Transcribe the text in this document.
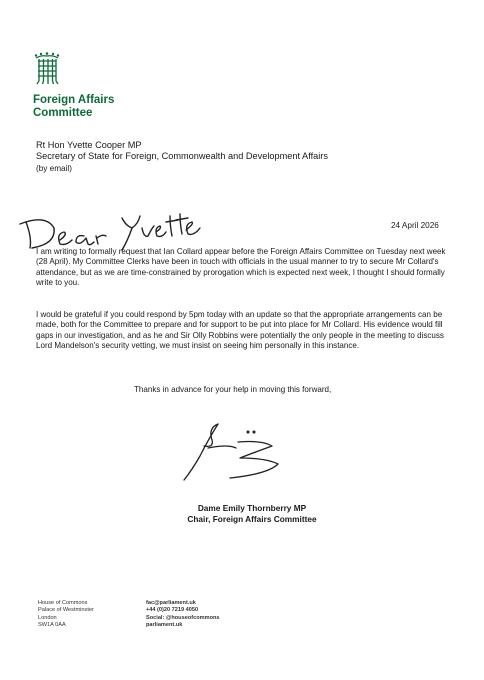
Foreign Affairs
Committee
Rt Hon Yvette Cooper MP
Secretary of State for Foreign, Commonwealth and Development Affairs
(by email)
24 April 2026
I am writing to formally request that Ian Collard appear before the Foreign Affairs Committee on Tuesday next week (28 April). My Committee Clerks have been in touch with officials in the usual manner to try to secure Mr Collard's attendance, but as we are time-constrained by prorogation which is expected next week, I thought I should formally write to you.
I would be grateful if you could respond by 5pm today with an update so that the appropriate arrangements can be made, both for the Committee to prepare and for support to be put into place for Mr Collard. His evidence would fill gaps in our investigation, and as he and Sir Olly Robbins were potentially the only people in the meeting to discuss Lord Mandelson's security vetting, we must insist on seeing him personally in this instance.
Thanks in advance for your help in moving this forward,
Dame Emily Thornberry MP
Chair, Foreign Affairs Committee
House of Commons
Palace of Westminster
London
SW1A 0AA
fac@parliament.uk
+44 (0)20 7219 4050
Social: @houseofcommons
parliament.uk
